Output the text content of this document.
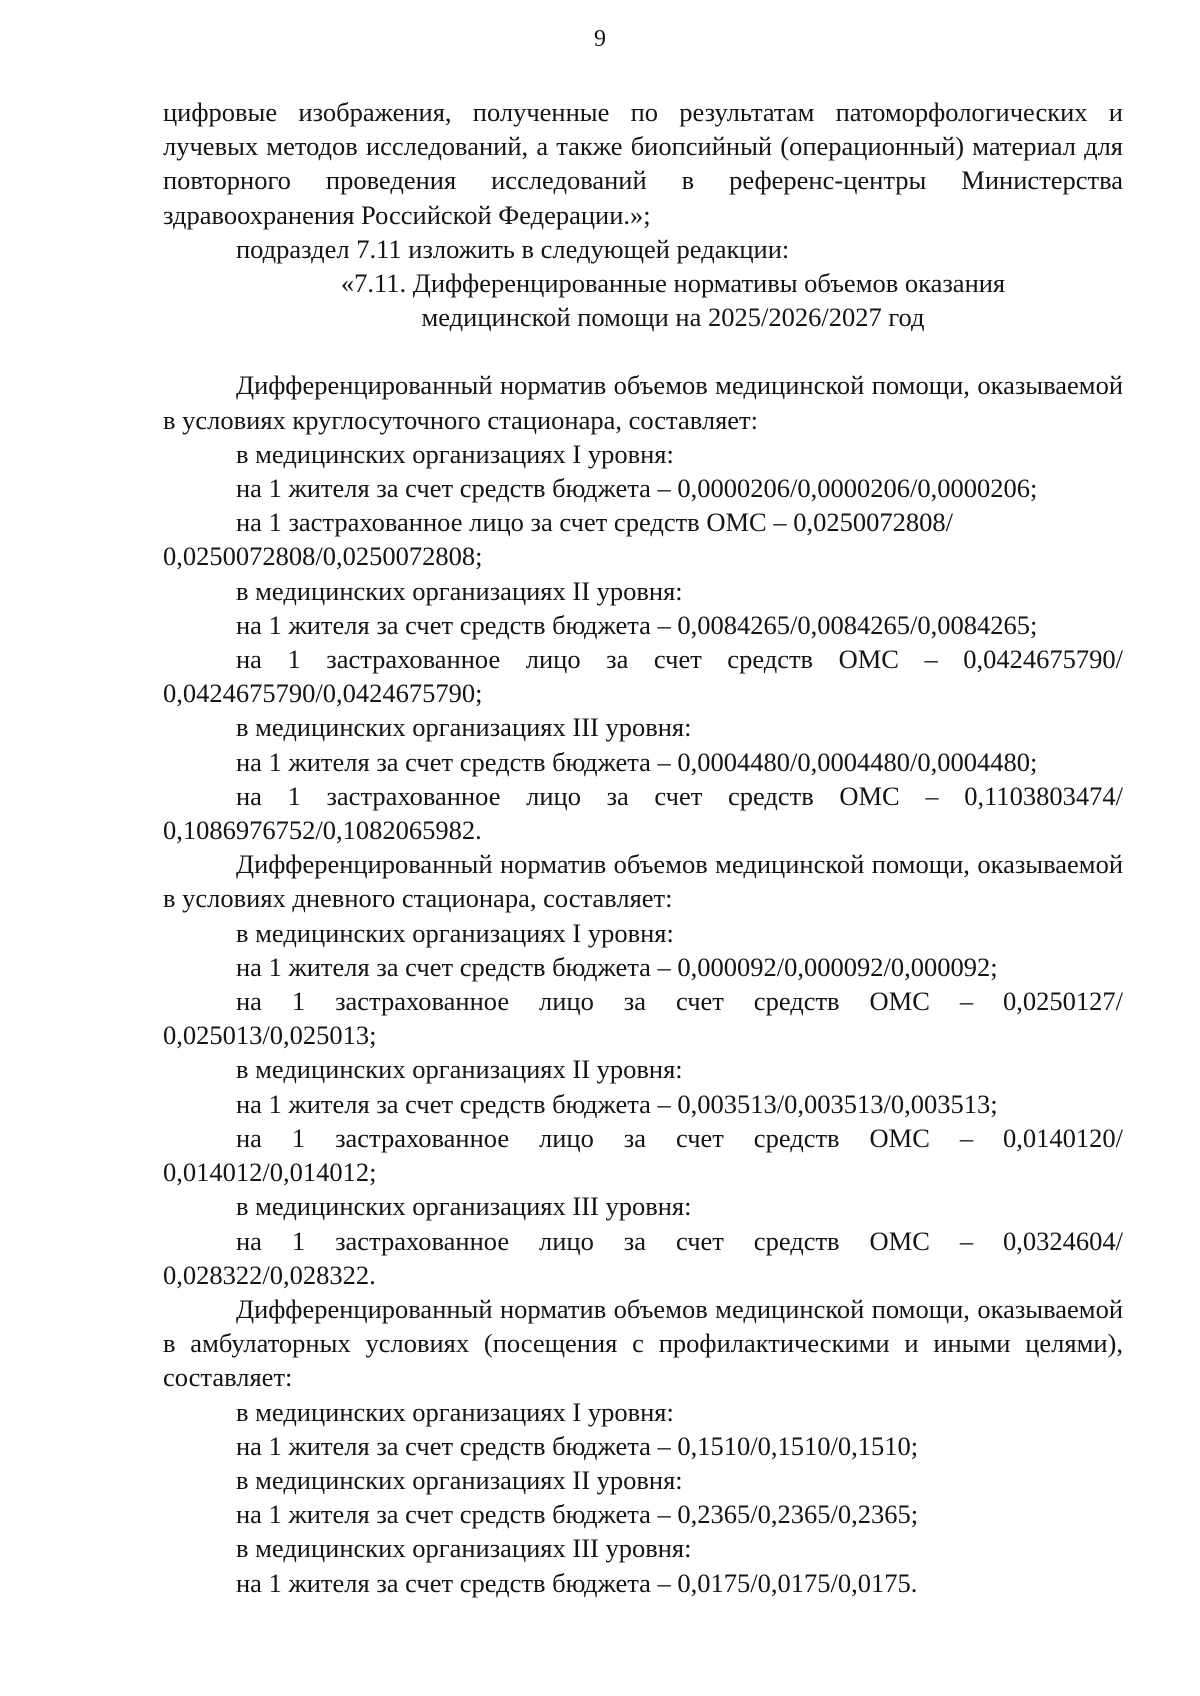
9

цифровые изображения, полученные по результатам патоморфологических и лучевых методов исследований, а также биопсийный (операционный) материал для повторного проведения исследований в референс-центры Министерства здравоохранения Российской Федерации.»;

подраздел 7.11 изложить в следующей редакции:

«7.11. Дифференцированные нормативы объемов оказания

медицинской помощи на 2025/2026/2027 год

Дифференцированный норматив объемов медицинской помощи, оказываемой в условиях круглосуточного стационара, составляет:

в медицинских организациях I уровня:

на 1 жителя за счет средств бюджета – 0,0000206/0,0000206/0,0000206;

на 1 застрахованное лицо за счет средств ОМС – 0,0250072808/ 0,0250072808/0,0250072808;

в медицинских организациях II уровня:

на 1 жителя за счет средств бюджета – 0,0084265/0,0084265/0,0084265;

на 1 застрахованное лицо за счет средств ОМС – 0,0424675790/ 0,0424675790/0,0424675790;

в медицинских организациях III уровня:

на 1 жителя за счет средств бюджета – 0,0004480/0,0004480/0,0004480;

на 1 застрахованное лицо за счет средств ОМС – 0,1103803474/ 0,1086976752/0,1082065982.

Дифференцированный норматив объемов медицинской помощи, оказываемой в условиях дневного стационара, составляет:

в медицинских организациях I уровня:

на 1 жителя за счет средств бюджета – 0,000092/0,000092/0,000092;

на 1 застрахованное лицо за счет средств ОМС – 0,0250127/ 0,025013/0,025013;

в медицинских организациях II уровня:

на 1 жителя за счет средств бюджета – 0,003513/0,003513/0,003513;

на 1 застрахованное лицо за счет средств ОМС – 0,0140120/ 0,014012/0,014012;

в медицинских организациях III уровня:

на 1 застрахованное лицо за счет средств ОМС – 0,0324604/ 0,028322/0,028322.

Дифференцированный норматив объемов медицинской помощи, оказываемой в амбулаторных условиях (посещения с профилактическими и иными целями), составляет:

в медицинских организациях I уровня:

на 1 жителя за счет средств бюджета – 0,1510/0,1510/0,1510;

в медицинских организациях II уровня:

на 1 жителя за счет средств бюджета – 0,2365/0,2365/0,2365;

в медицинских организациях III уровня:

на 1 жителя за счет средств бюджета – 0,0175/0,0175/0,0175.
